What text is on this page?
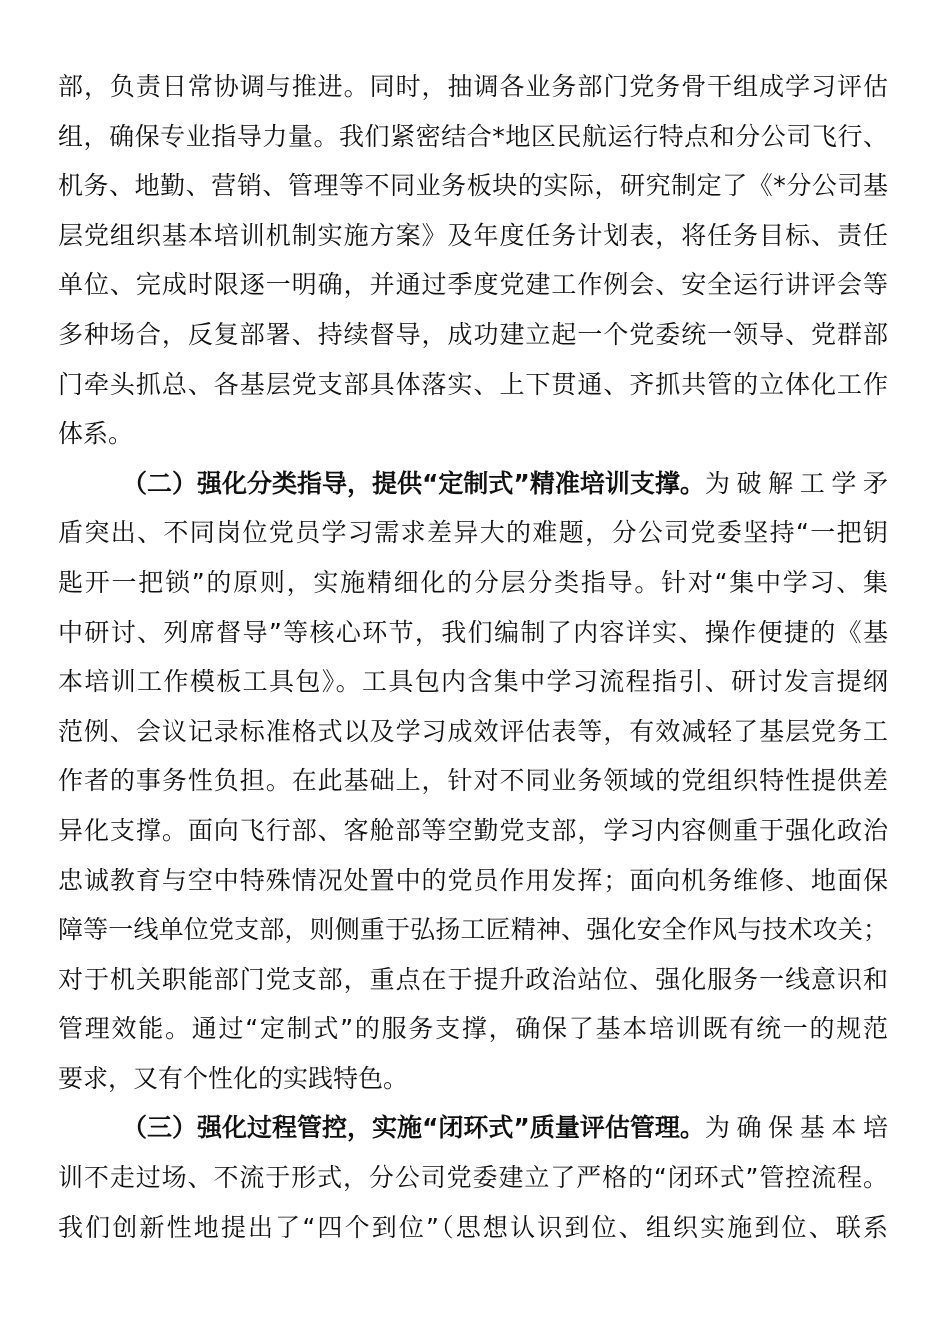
部，负责日常协调与推进。同时，抽调各业务部门党务骨干组成学习评估
组，确保专业指导力量。我们紧密结合*地区民航运行特点和分公司飞行、
机务、地勤、营销、管理等不同业务板块的实际，研究制定了《*分公司基
层党组织基本培训机制实施方案》及年度任务计划表，将任务目标、责任
单位、完成时限逐一明确，并通过季度党建工作例会、安全运行讲评会等
多种场合，反复部署、持续督导，成功建立起一个党委统一领导、党群部
门牵头抓总、各基层党支部具体落实、上下贯通、齐抓共管的立体化工作
体系。
（二）强化分类指导，提供“定制式”精准培训支撑。 为破解工学矛
盾突出、不同岗位党员学习需求差异大的难题，分公司党委坚持“一把钥
匙开一把锁”的原则，实施精细化的分层分类指导。针对“集中学习、集
中研讨、列席督导”等核心环节，我们编制了内容详实、操作便捷的《基
本培训工作模板工具包》。工具包内含集中学习流程指引、研讨发言提纲
范例、会议记录标准格式以及学习成效评估表等，有效减轻了基层党务工
作者的事务性负担。在此基础上，针对不同业务领域的党组织特性提供差
异化支撑。面向飞行部、客舱部等空勤党支部，学习内容侧重于强化政治
忠诚教育与空中特殊情况处置中的党员作用发挥；面向机务维修、地面保
障等一线单位党支部，则侧重于弘扬工匠精神、强化安全作风与技术攻关；
对于机关职能部门党支部，重点在于提升政治站位、强化服务一线意识和
管理效能。通过“定制式”的服务支撑，确保了基本培训既有统一的规范
要求，又有个性化的实践特色。
（三）强化过程管控，实施“闭环式”质量评估管理。 为确保基本培
训不走过场、不流于形式，分公司党委建立了严格的“闭环式”管控流程。
我们创新性地提出了“四个到位”（思想认识到位、组织实施到位、联系
